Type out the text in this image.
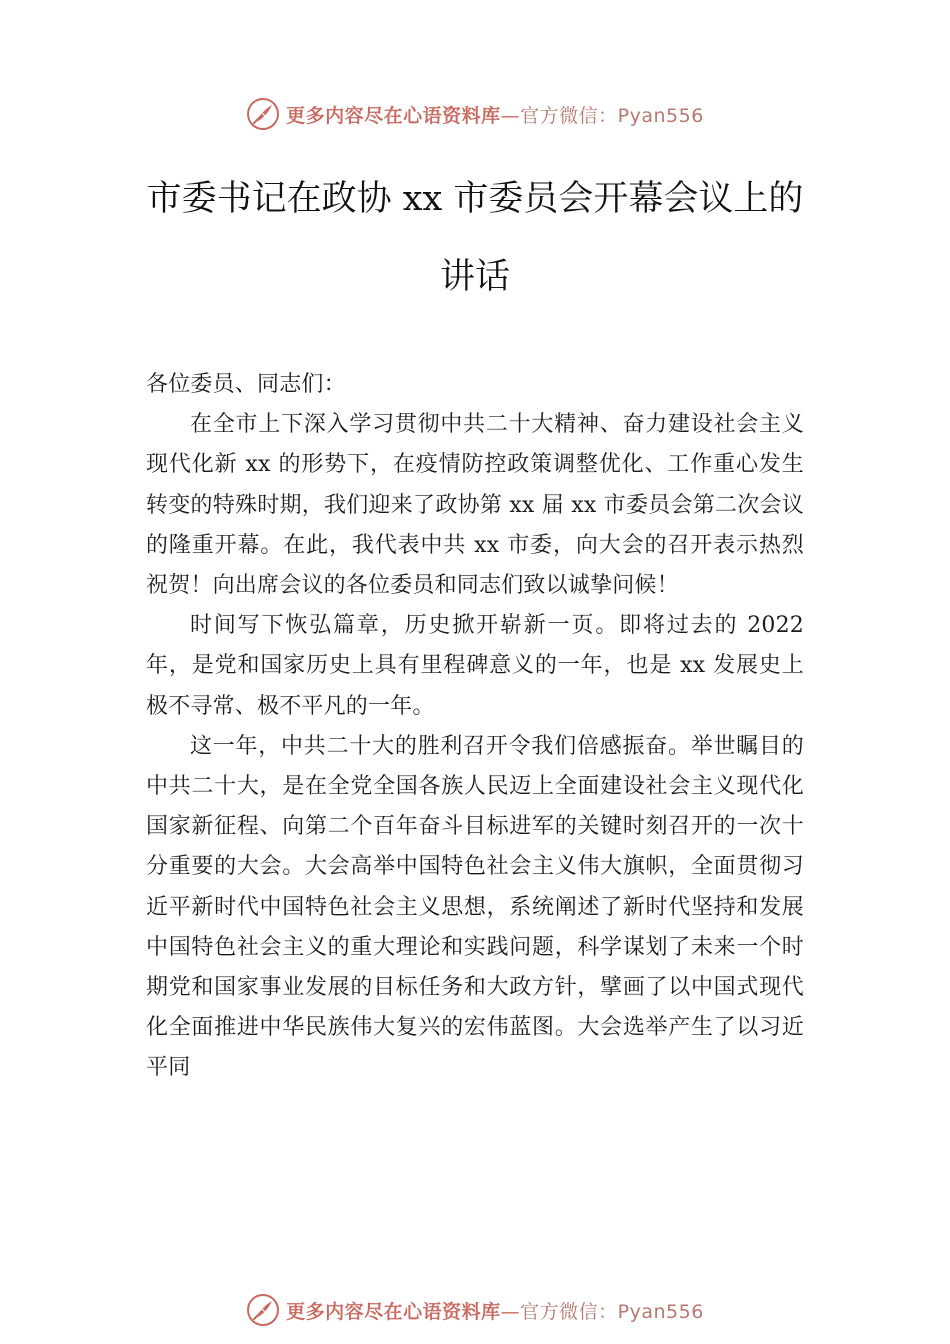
更多内容尽在心语资料库—官方微信：Pyan556
市委书记在政协 xx 市委员会开幕会议上的讲话

各位委员、同志们：

在全市上下深入学习贯彻中共二十大精神、奋力建设社会主义现代化新 xx 的形势下，在疫情防控政策调整优化、工作重心发生转变的特殊时期，我们迎来了政协第 xx 届 xx 市委员会第二次会议的隆重开幕。在此，我代表中共 xx 市委，向大会的召开表示热烈祝贺！向出席会议的各位委员和同志们致以诚挚问候！

时间写下恢弘篇章，历史掀开崭新一页。即将过去的 2022 年，是党和国家历史上具有里程碑意义的一年，也是 xx 发展史上极不寻常、极不平凡的一年。

这一年，中共二十大的胜利召开令我们倍感振奋。举世瞩目的中共二十大，是在全党全国各族人民迈上全面建设社会主义现代化国家新征程、向第二个百年奋斗目标进军的关键时刻召开的一次十分重要的大会。大会高举中国特色社会主义伟大旗帜，全面贯彻习近平新时代中国特色社会主义思想，系统阐述了新时代坚持和发展中国特色社会主义的重大理论和实践问题，科学谋划了未来一个时期党和国家事业发展的目标任务和大政方针，擘画了以中国式现代化全面推进中华民族伟大复兴的宏伟蓝图。大会选举产生了以习近平同

更多内容尽在心语资料库—官方微信：Pyan556
